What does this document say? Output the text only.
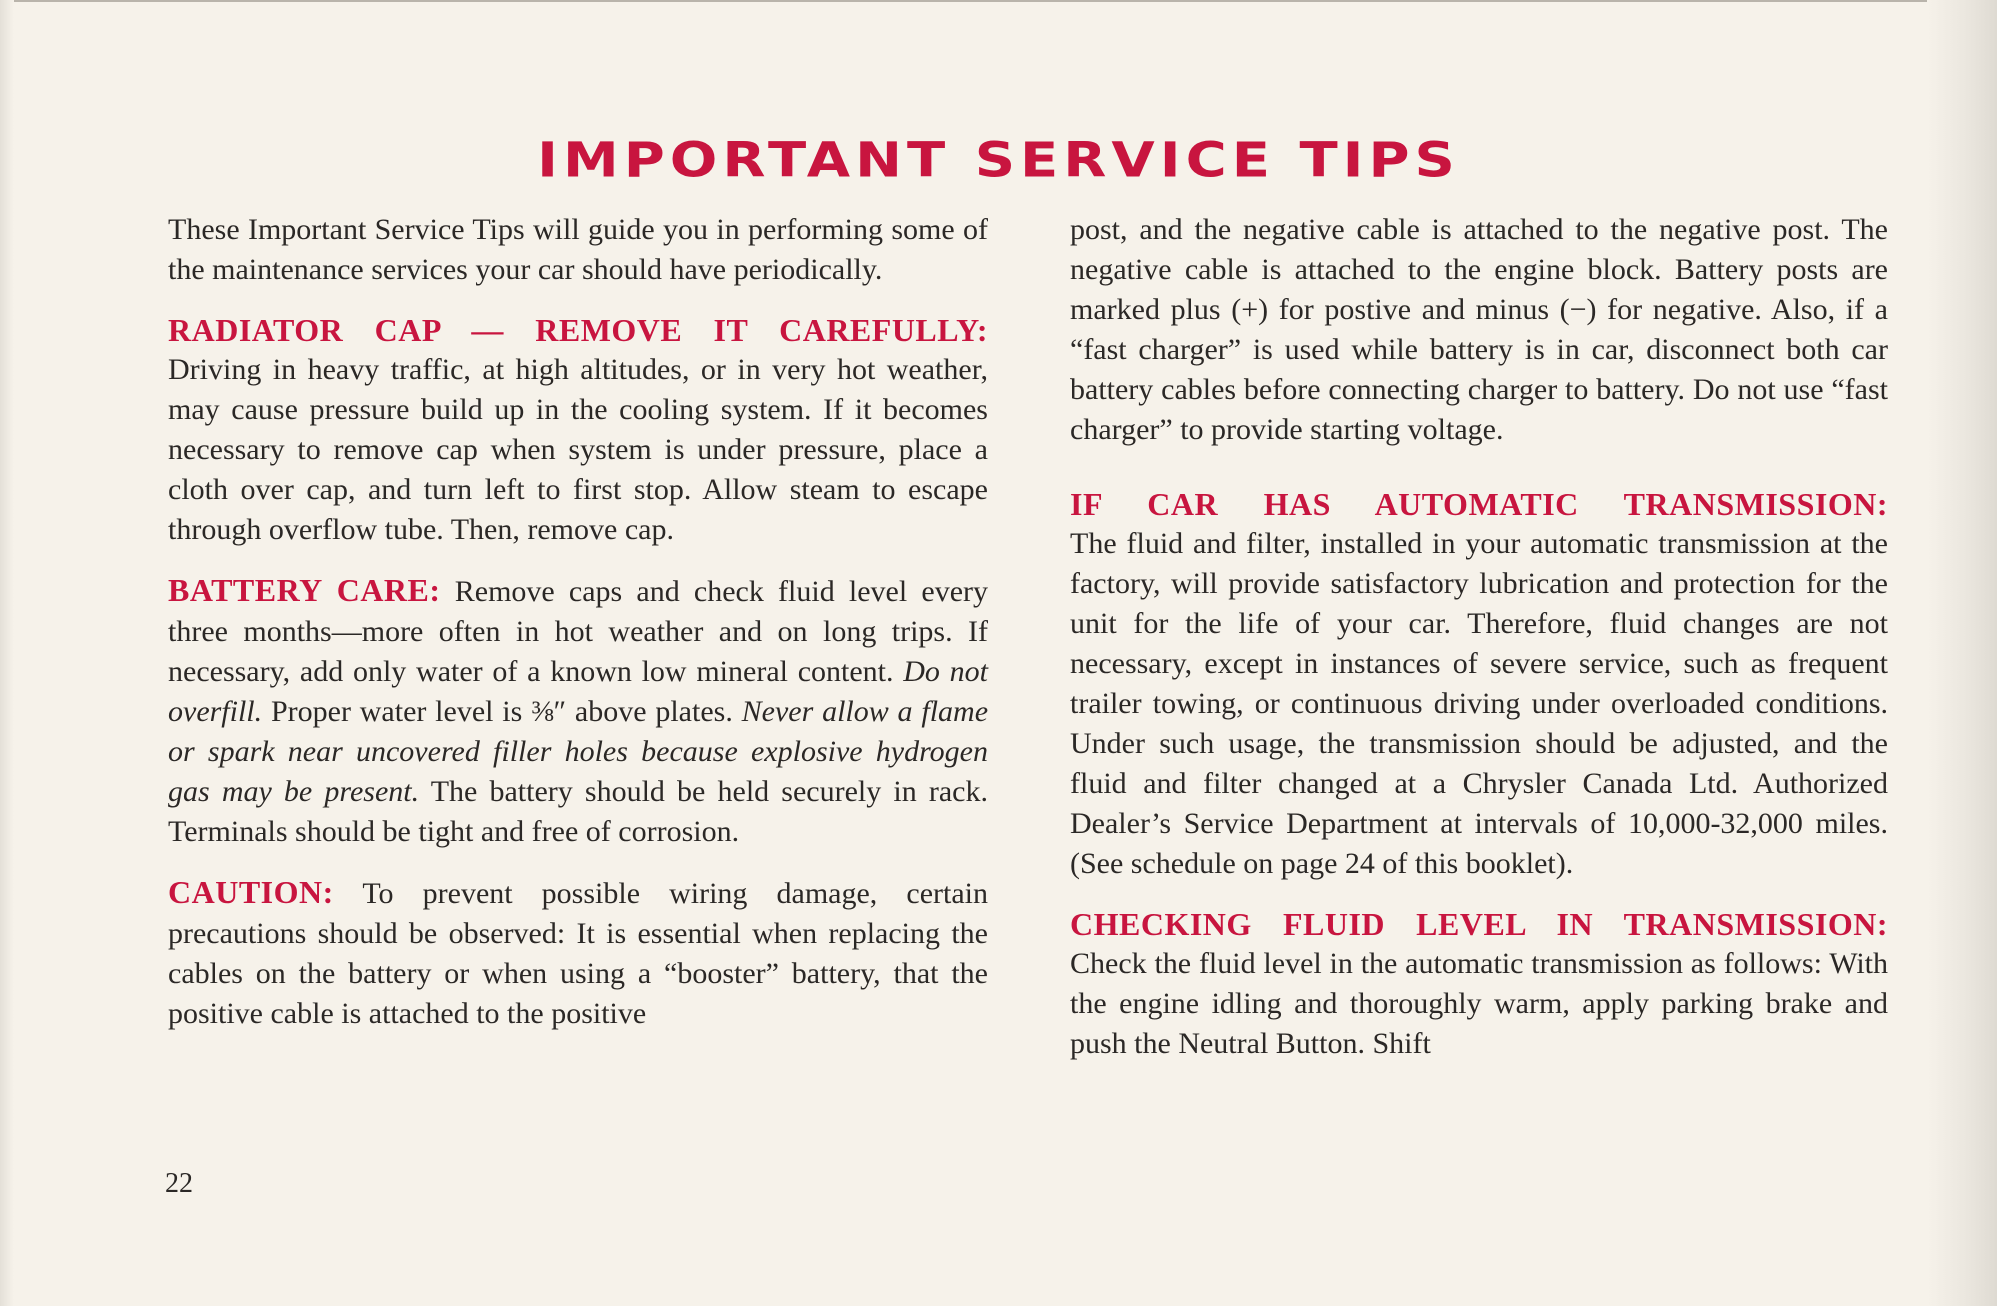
IMPORTANT SERVICE TIPS

These Important Service Tips will guide you in performing some of the maintenance services your car should have periodically.

RADIATOR CAP — REMOVE IT CAREFULLY:
Driving in heavy traffic, at high altitudes, or in very hot weather, may cause pressure build up in the cooling system. If it becomes necessary to remove cap when system is under pressure, place a cloth over cap, and turn left to first stop. Allow steam to escape through overflow tube. Then, remove cap.

BATTERY CARE: Remove caps and check fluid level every three months—more often in hot weather and on long trips. If necessary, add only water of a known low mineral content. Do not overfill. Proper water level is ⅜″ above plates. Never allow a flame or spark near uncovered filler holes because explosive hydrogen gas may be present. The battery should be held securely in rack. Terminals should be tight and free of corrosion.

CAUTION: To prevent possible wiring damage, certain precautions should be observed: It is essential when replacing the cables on the battery or when using a “booster” battery, that the positive cable is attached to the positive

post, and the negative cable is attached to the negative post. The negative cable is attached to the engine block. Battery posts are marked plus (+) for postive and minus (−) for negative. Also, if a “fast charger” is used while battery is in car, disconnect both car battery cables before connecting charger to battery. Do not use “fast charger” to provide starting voltage.

IF CAR HAS AUTOMATIC TRANSMISSION:
The fluid and filter, installed in your automatic transmission at the factory, will provide satisfactory lubrication and protection for the unit for the life of your car. Therefore, fluid changes are not necessary, except in instances of severe service, such as frequent trailer towing, or continuous driving under overloaded conditions. Under such usage, the transmission should be adjusted, and the fluid and filter changed at a Chrysler Canada Ltd. Authorized Dealer’s Service Department at intervals of 10,000-32,000 miles. (See schedule on page 24 of this booklet).

CHECKING FLUID LEVEL IN TRANSMISSION:
Check the fluid level in the automatic transmission as follows: With the engine idling and thoroughly warm, apply parking brake and push the Neutral Button. Shift

22
